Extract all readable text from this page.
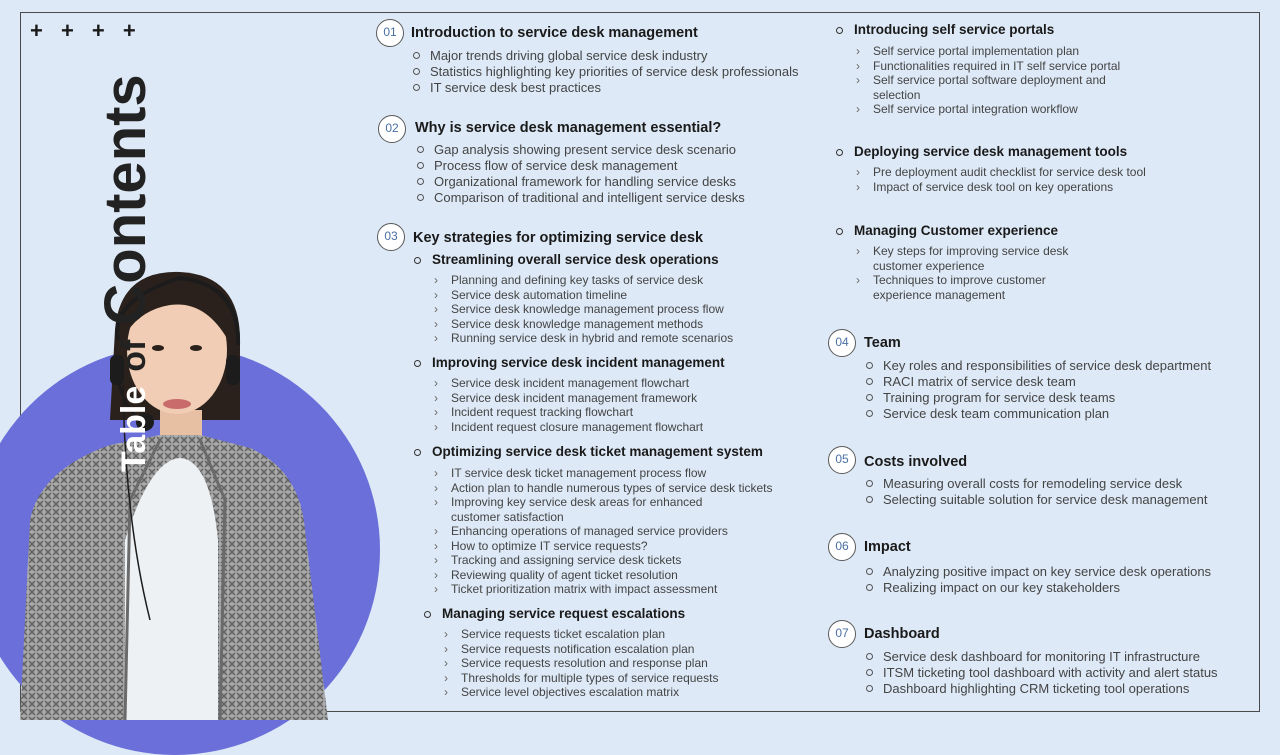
+ + + +
TableofContents
01 Introduction to service desk management
Major trends driving global service desk industry
Statistics highlighting key priorities of service desk professionals
IT service desk best practices
02	Why is service desk management essential?
Gap analysis showing present service desk scenario
Process flow of service desk management
Organizational framework for handling service desks
Comparison of traditional and intelligent service desks
03	Key strategies for optimizing service desk
Streamlining overall service desk operations
› Planning and defining key tasks of service desk
› Service desk automation timeline
› Service desk knowledge management process flow
› Service desk knowledge management methods
› Running service desk in hybrid and remote scenarios
Improving service desk incident management
› Service desk incident management flowchart
› Service desk incident management framework
› Incident request tracking flowchart
› Incident request closure management flowchart
Optimizing service desk ticket management system
› IT service desk ticket management process flow
› Action plan to handle numerous types of service desk tickets
› Improving key service desk areas for enhanced customer satisfaction
› Enhancing operations of managed service providers
› How to optimize IT service requests?
› Tracking and assigning service desk tickets
› Reviewing quality of agent ticket resolution
› Ticket prioritization matrix with impact assessment
Managing service request escalations
› Service requests ticket escalation plan
› Service requests notification escalation plan
› Service requests resolution and response plan
› Thresholds for multiple types of service requests
› Service level objectives escalation matrix
Introducing self service portals
› Self service portal implementation plan
› Functionalities required in IT self service portal
› Self service portal software deployment and selection
› Self service portal integration workflow
Deploying service desk management tools
› Pre deployment audit checklist for service desk tool
› Impact of service desk tool on key operations
Managing Customer experience
› Key steps for improving service desk customer experience
› Techniques to improve customer experience management
04	Team
Key roles and responsibilities of service desk department
RACI matrix of service desk team
Training program for service desk teams
Service desk team communication plan
05	Costs involved
Measuring overall costs for remodeling service desk
Selecting suitable solution for service desk management
06	Impact
Analyzing positive impact on key service desk operations
Realizing impact on our key stakeholders
07	Dashboard
Service desk dashboard for monitoring IT infrastructure
ITSM ticketing tool dashboard with activity and alert status
Dashboard highlighting CRM ticketing tool operations
